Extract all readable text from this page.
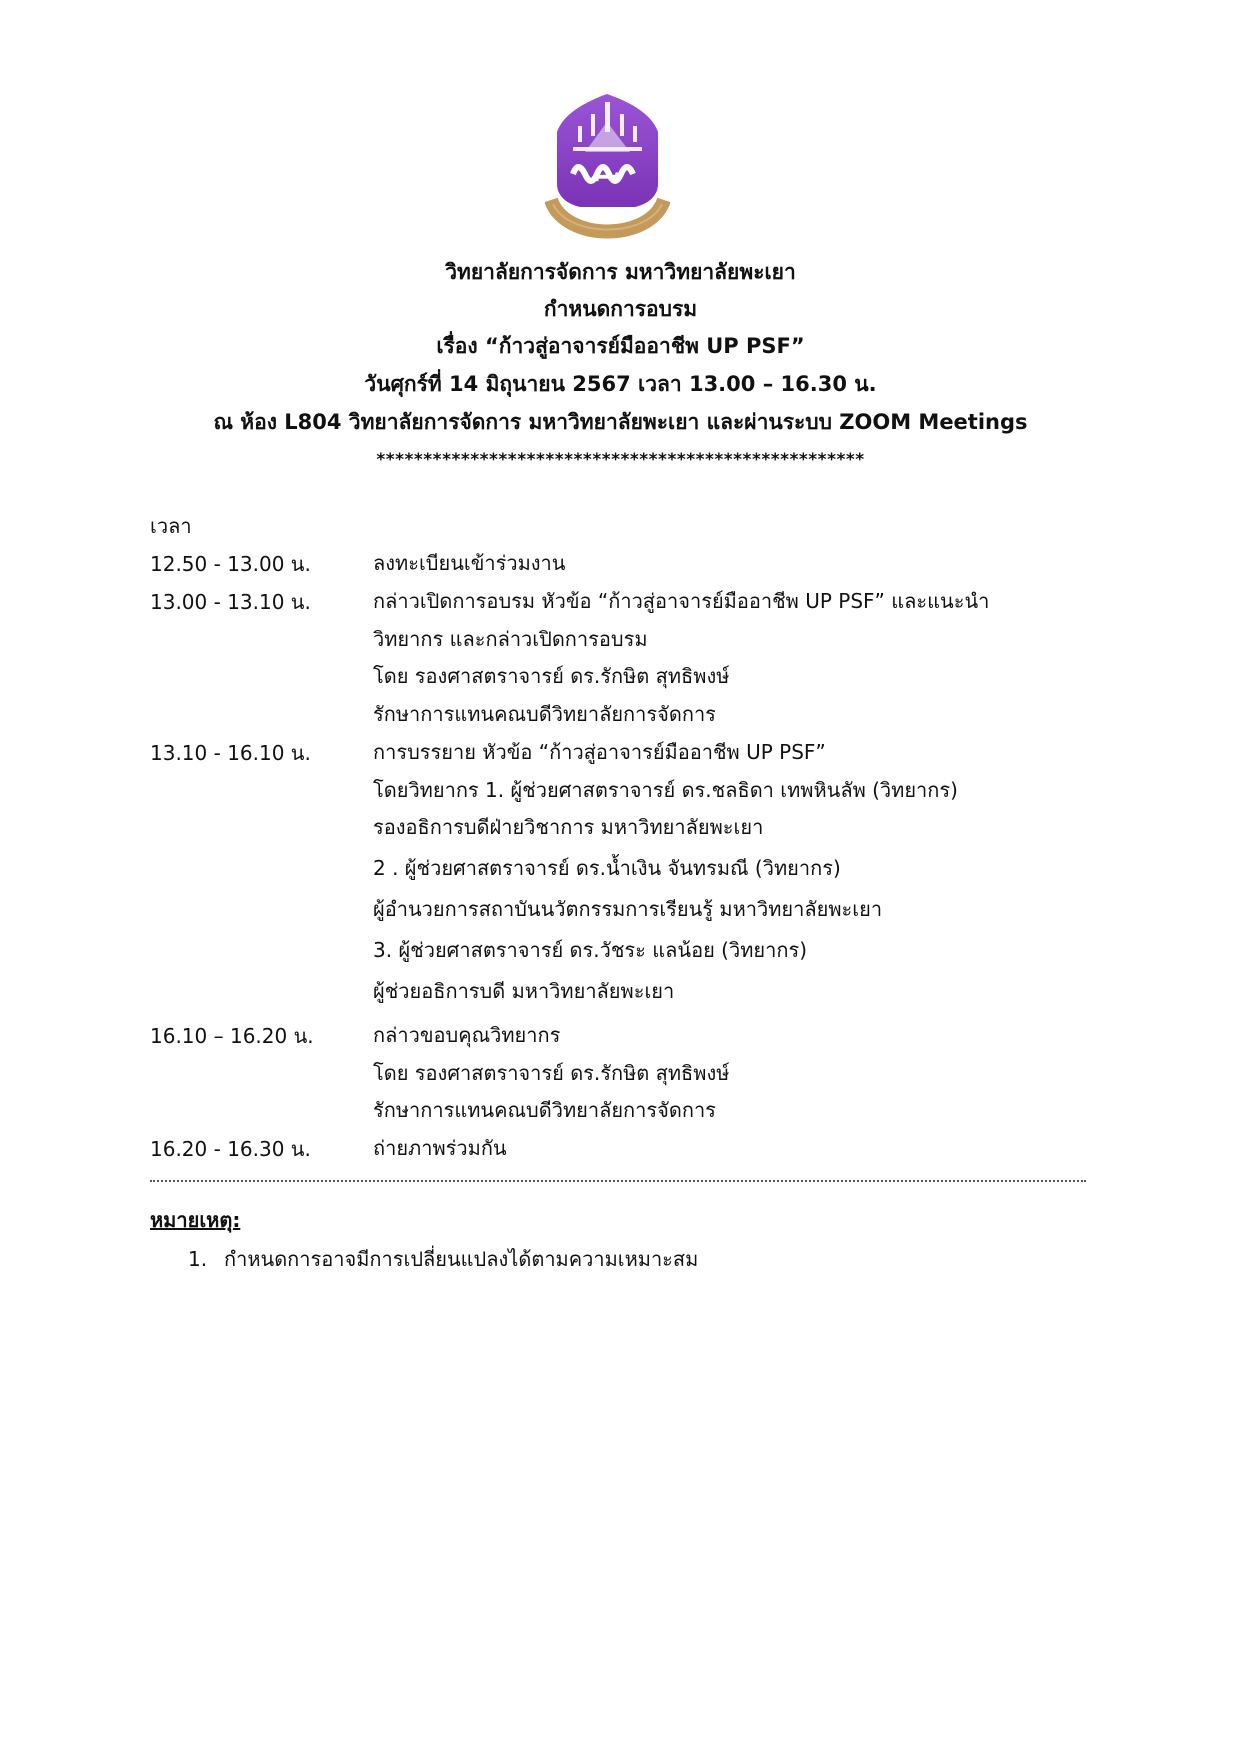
ꟷ
วิทยาลัยการจัดการ มหาวิทยาลัยพะเยา
กำหนดการอบรม
เรื่อง “ก้าวสู่อาจารย์มืออาชีพ UP PSF”
วันศุกร์ที่ 14 มิถุนายน 2567 เวลา 13.00 – 16.30 น.
ณ ห้อง L804 วิทยาลัยการจัดการ มหาวิทยาลัยพะเยา และผ่านระบบ ZOOM Meetings
****************************************************
เวลา
12.50 - 13.00 น.	ลงทะเบียนเข้าร่วมงาน
13.00 - 13.10 น.	กล่าวเปิดการอบรม หัวข้อ “ก้าวสู่อาจารย์มืออาชีพ UP PSF” และแนะนำ
วิทยากร และกล่าวเปิดการอบรม
โดย รองศาสตราจารย์ ดร.รักษิต สุทธิพงษ์
รักษาการแทนคณบดีวิทยาลัยการจัดการ
13.10 - 16.10 น.	การบรรยาย หัวข้อ “ก้าวสู่อาจารย์มืออาชีพ UP PSF”
โดยวิทยากร 1. ผู้ช่วยศาสตราจารย์ ดร.ชลธิดา เทพหินลัพ (วิทยากร)
รองอธิการบดีฝ่ายวิชาการ มหาวิทยาลัยพะเยา
2 . ผู้ช่วยศาสตราจารย์ ดร.น้ำเงิน จันทรมณี (วิทยากร)
ผู้อำนวยการสถาบันนวัตกรรมการเรียนรู้ มหาวิทยาลัยพะเยา
3. ผู้ช่วยศาสตราจารย์ ดร.วัชระ แลน้อย (วิทยากร)
ผู้ช่วยอธิการบดี มหาวิทยาลัยพะเยา
16.10 – 16.20 น.	กล่าวขอบคุณวิทยากร
โดย รองศาสตราจารย์ ดร.รักษิต สุทธิพงษ์
รักษาการแทนคณบดีวิทยาลัยการจัดการ
16.20 - 16.30 น.	ถ่ายภาพร่วมกัน
หมายเหตุ:
1. กำหนดการอาจมีการเปลี่ยนแปลงได้ตามความเหมาะสม
